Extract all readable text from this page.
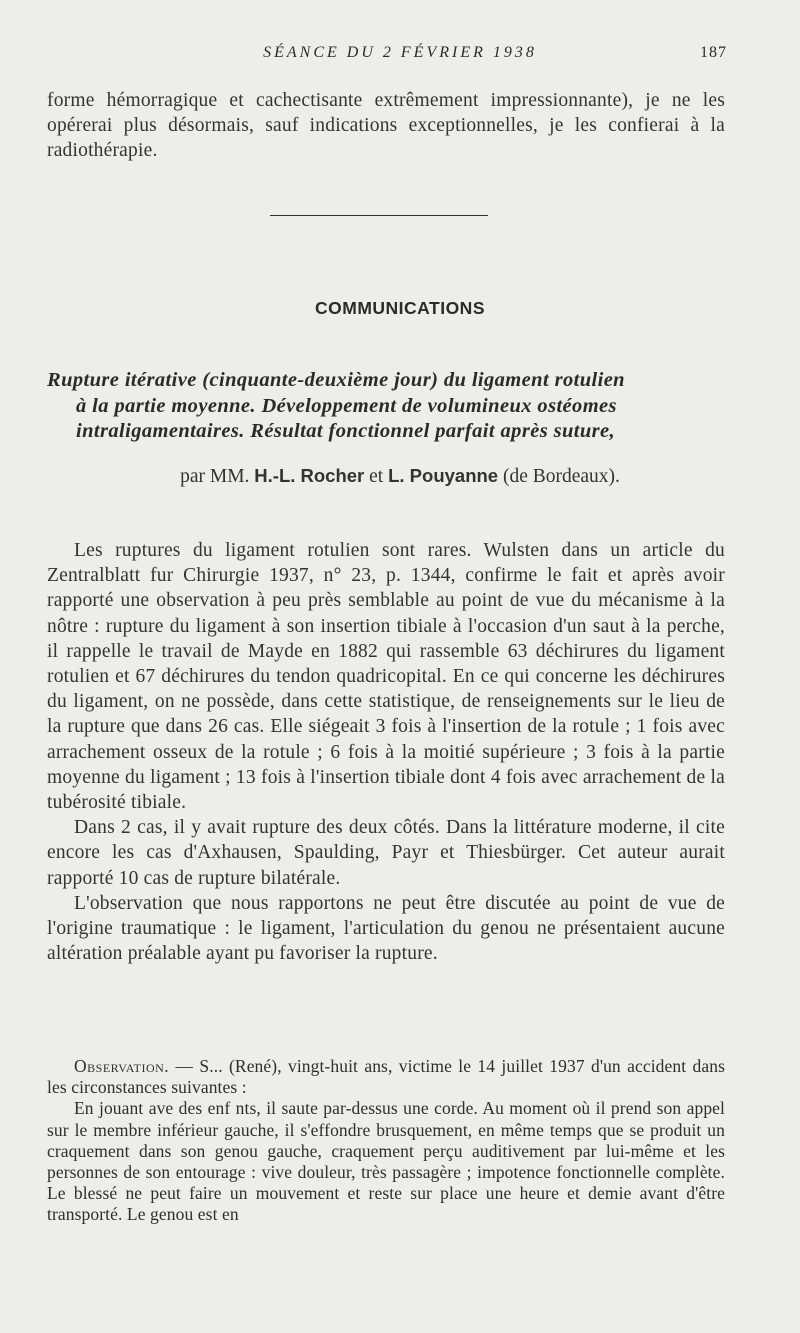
SÉANCE DU 2 FÉVRIER 1938	187

forme hémorragique et cachectisante extrêmement impressionnante), je ne les opérerai plus désormais, sauf indications exceptionnelles, je les confierai à la radiothérapie.

COMMUNICATIONS
Rupture itérative (cinquante-deuxième jour) du ligament rotulien
à la partie moyenne. Développement de volumineux ostéomes
intraligamentaires. Résultat fonctionnel parfait après suture,
par MM. H.-L. Rocher et L. Pouyanne (de Bordeaux).

Les ruptures du ligament rotulien sont rares. Wulsten dans un article du Zentralblatt fur Chirurgie 1937, n° 23, p. 1344, confirme le fait et après avoir rapporté une observation à peu près semblable au point de vue du mécanisme à la nôtre : rupture du ligament à son insertion tibiale à l'occasion d'un saut à la perche, il rappelle le travail de Mayde en 1882 qui rassemble 63 déchirures du ligament rotulien et 67 déchirures du tendon quadricopital. En ce qui concerne les déchirures du ligament, on ne possède, dans cette statistique, de renseignements sur le lieu de la rupture que dans 26 cas. Elle siégeait 3 fois à l'insertion de la rotule ; 1 fois avec arrachement osseux de la rotule ; 6 fois à la moitié supérieure ; 3 fois à la partie moyenne du ligament ; 13 fois à l'insertion tibiale dont 4 fois avec arrachement de la tubérosité tibiale.

Dans 2 cas, il y avait rupture des deux côtés. Dans la littérature moderne, il cite encore les cas d'Axhausen, Spaulding, Payr et Thiesbürger. Cet auteur aurait rapporté 10 cas de rupture bilatérale.

L'observation que nous rapportons ne peut être discutée au point de vue de l'origine traumatique : le ligament, l'articulation du genou ne présentaient aucune altération préalable ayant pu favoriser la rupture.

Observation. — S... (René), vingt-huit ans, victime le 14 juillet 1937 d'un accident dans les circonstances suivantes :

En jouant ave des enf nts, il saute par-dessus une corde. Au moment où il prend son appel sur le membre inférieur gauche, il s'effondre brusquement, en même temps que se produit un craquement dans son genou gauche, craquement perçu auditivement par lui-même et les personnes de son entourage : vive douleur, très passagère ; impotence fonctionnelle complète. Le blessé ne peut faire un mouvement et reste sur place une heure et demie avant d'être transporté. Le genou est en
